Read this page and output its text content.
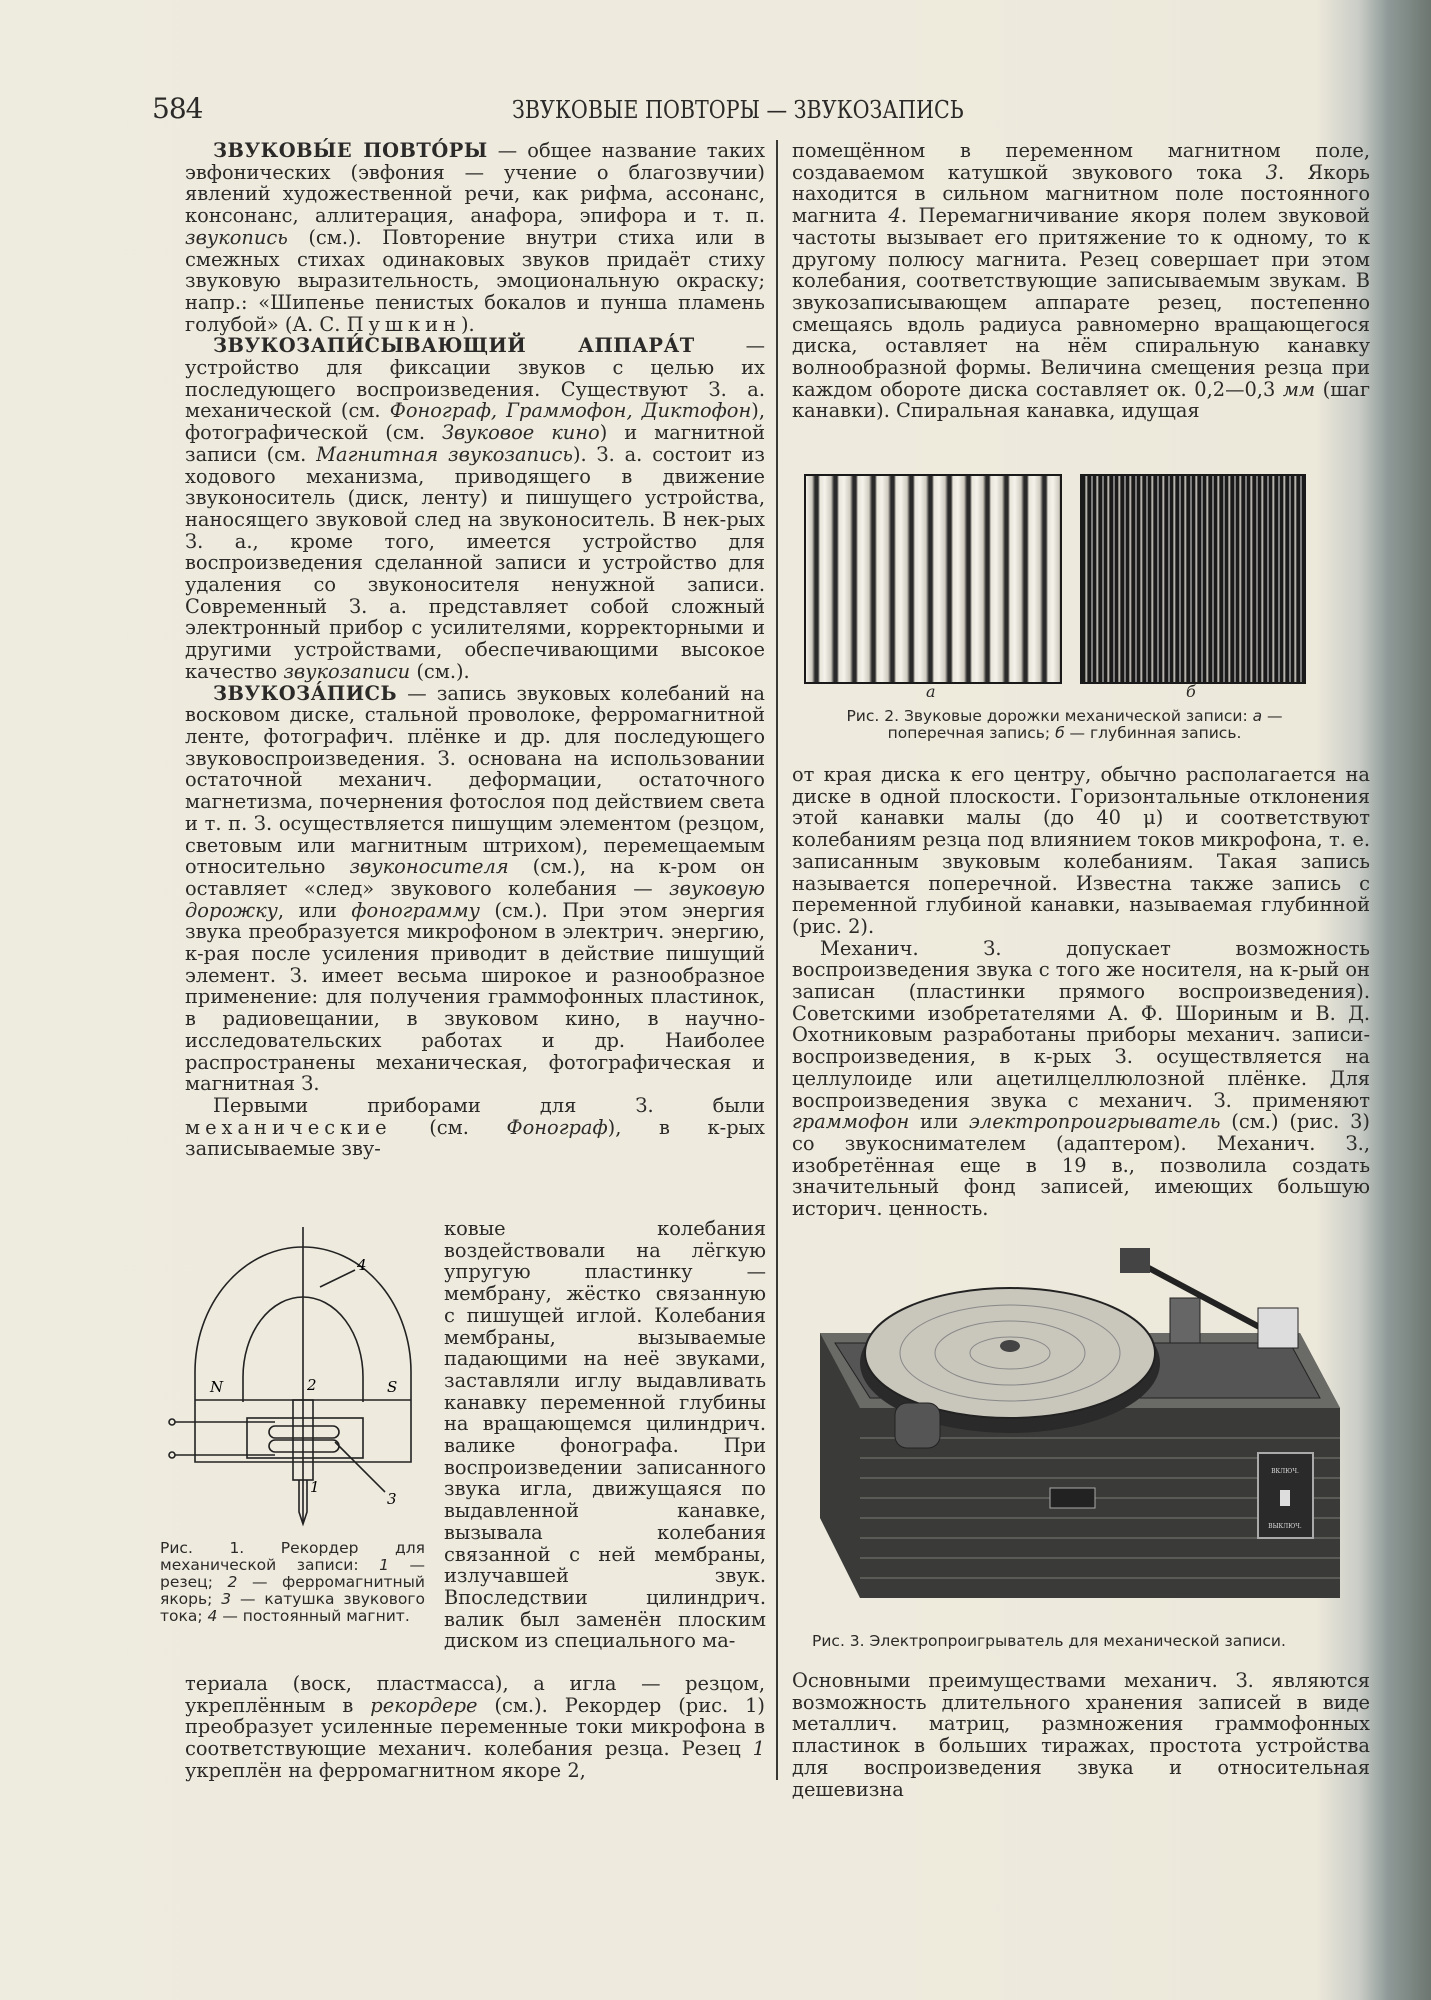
584	ЗВУКОВЫЕ ПОВТОРЫ — ЗВУКОЗАПИСЬ

ЗВУКОВЫ́Е ПОВТО́РЫ — общее название таких эвфонических (эвфония — учение о благозвучии) явлений художественной речи, как рифма, ассонанс, консонанс, аллитерация, анафора, эпифора и т. п. звукопись (см.). Повторение внутри стиха или в смежных стихах одинаковых звуков придаёт стиху звуковую выразительность, эмоциональную окраску; напр.: «Шипенье пенистых бокалов и пунша пламень голубой» (А. С. Пушкин).

ЗВУКОЗАПИ́СЫВАЮЩИЙ АППАРА́Т — устройство для фиксации звуков с целью их последующего воспроизведения. Существуют З. а. механической (см. Фонограф, Граммофон, Диктофон), фотографической (см. Звуковое кино) и магнитной записи (см. Магнитная звукозапись). З. а. состоит из ходового механизма, приводящего в движение звуконоситель (диск, ленту) и пишущего устройства, наносящего звуковой след на звуконоситель. В нек-рых З. а., кроме того, имеется устройство для воспроизведения сделанной записи и устройство для удаления со звуконосителя ненужной записи. Современный З. а. представляет собой сложный электронный прибор с усилителями, корректорными и другими устройствами, обеспечивающими высокое качество звукозаписи (см.).

ЗВУКОЗА́ПИСЬ — запись звуковых колебаний на восковом диске, стальной проволоке, ферромагнитной ленте, фотографич. плёнке и др. для последующего звуковоспроизведения. З. основана на использовании остаточной механич. деформации, остаточного магнетизма, почернения фотослоя под действием света и т. п. З. осуществляется пишущим элементом (резцом, световым или магнитным штрихом), перемещаемым относительно звуконосителя (см.), на к-ром он оставляет «след» звукового колебания — звуковую дорожку, или фонограмму (см.). При этом энергия звука преобразуется микрофоном в электрич. энергию, к-рая после усиления приводит в действие пишущий элемент. З. имеет весьма широкое и разнообразное применение: для получения граммофонных пластинок, в радиовещании, в звуковом кино, в научно-исследовательских работах и др. Наиболее распространены механическая, фотографическая и магнитная З.

Первыми приборами для З. были механические (см. Фонограф), в к-рых записываемые зву-

N	S
1
2
3
4
Рис. 1. Рекордер для механической записи: 1 — резец; 2 — ферромагнитный якорь; 3 — катушка звукового тока; 4 — постоянный магнит.
ковые колебания воздействовали на лёгкую упругую пластинку — мембрану, жёстко связанную с пишущей иглой. Колебания мембраны, вызываемые падающими на неё звуками, заставляли иглу выдавливать канавку переменной глубины на вращающемся цилиндрич. валике фонографа. При воспроизведении записанного звука игла, движущаяся по выдавленной канавке, вызывала колебания связанной с ней мембраны, излучавшей звук. Впоследствии цилиндрич. валик был заменён плоским диском из специального ма-
териала (воск, пластмасса), а игла — резцом, укреплённым в рекордере (см.). Рекордер (рис. 1) преобразует усиленные переменные токи микрофона в соответствующие механич. колебания резца. Резец 1 укреплён на ферромагнитном якоре 2,

помещённом в переменном магнитном поле, создаваемом катушкой звукового тока 3. Якорь находится в сильном магнитном поле постоянного магнита 4. Перемагничивание якоря полем звуковой частоты вызывает его притяжение то к одному, то к другому полюсу магнита. Резец совершает при этом колебания, соответствующие записываемым звукам. В звукозаписывающем аппарате резец, постепенно смещаясь вдоль радиуса равномерно вращающегося диска, оставляет на нём спиральную канавку волнообразной формы. Величина смещения резца при каждом обороте диска составляет ок. 0,2—0,3 мм (шаг канавки). Спиральная канавка, идущая

а	б
Рис. 2. Звуковые дорожки механической записи: а — поперечная запись; б — глубинная запись.

от края диска к его центру, обычно располагается на диске в одной плоскости. Горизонтальные отклонения этой канавки малы (до 40 μ) и соответствуют колебаниям резца под влиянием токов микрофона, т. е. записанным звуковым колебаниям. Такая запись называется поперечной. Известна также запись с переменной глубиной канавки, называемая глубинной (рис. 2).

Механич. З. допускает возможность воспроизведения звука с того же носителя, на к-рый он записан (пластинки прямого воспроизведения). Советскими изобретателями А. Ф. Шориным и В. Д. Охотниковым разработаны приборы механич. записи-воспроизведения, в к-рых З. осуществляется на целлулоиде или ацетилцеллюлозной плёнке. Для воспроизведения звука с механич. З. применяют граммофон или электропроигрыватель (см.) (рис. 3) со звукоснимателем (адаптером). Механич. З., изобретённая еще в 19 в., позволила создать значительный фонд записей, имеющих большую историч. ценность.

ВКЛЮЧ.
ВЫКЛЮЧ.
Рис. 3. Электропроигрыватель для механической записи.
Основными преимуществами механич. З. являются возможность длительного хранения записей в виде металлич. матриц, размножения граммофонных пластинок в больших тиражах, простота устройства для воспроизведения звука и относительная дешевизна
